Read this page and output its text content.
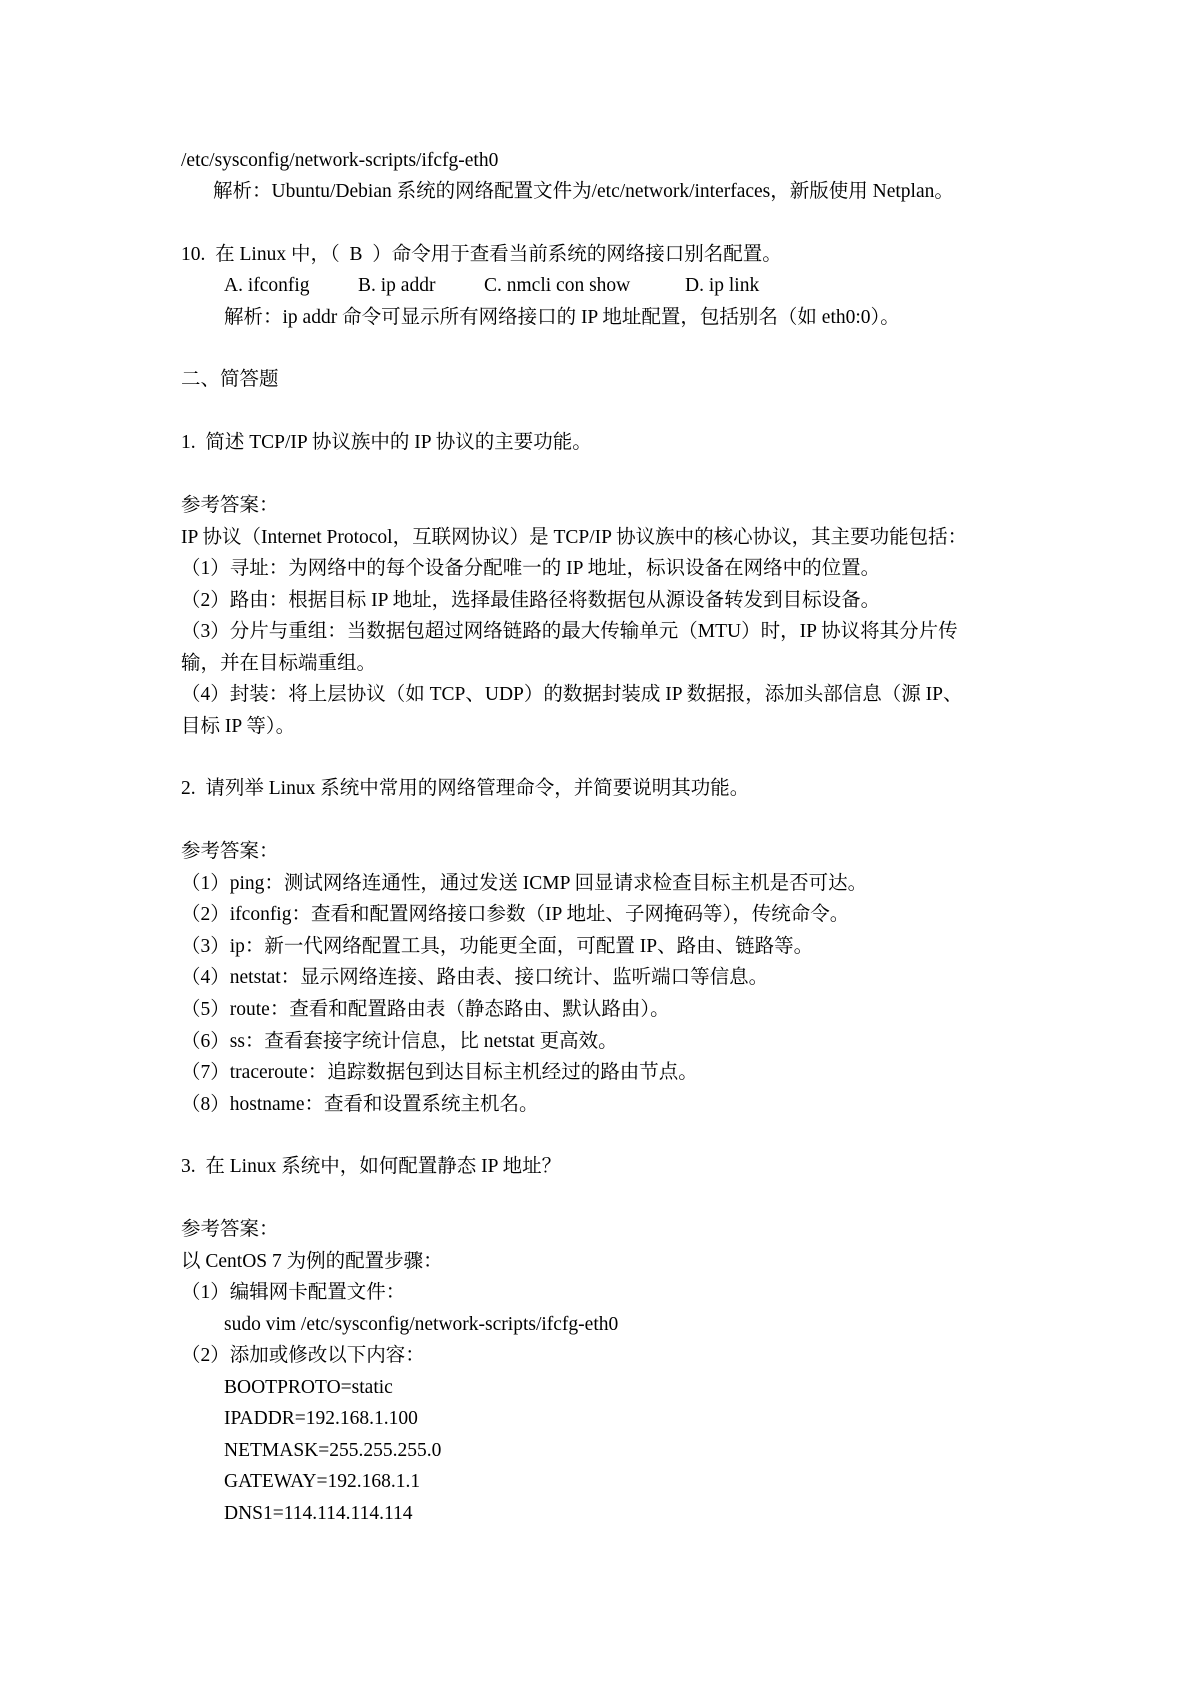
/etc/sysconfig/network-scripts/ifcfg-eth0
解析：Ubuntu/Debian 系统的网络配置文件为/etc/network/interfaces，新版使用 Netplan。
10.  在 Linux 中，（  B  ）命令用于查看当前系统的网络接口别名配置。

A. ifconfig

B. ip addr

C. nmcli con show

	D. ip link

解析：ip addr 命令可显示所有网络接口的 IP 地址配置，包括别名（如 eth0:0）。
二、简答题
1.  简述 TCP/IP 协议族中的 IP 协议的主要功能。
参考答案：
IP 协议（Internet Protocol，互联网协议）是 TCP/IP 协议族中的核心协议，其主要功能包括：
（1）寻址：为网络中的每个设备分配唯一的 IP 地址，标识设备在网络中的位置。
（2）路由：根据目标 IP 地址，选择最佳路径将数据包从源设备转发到目标设备。
（3）分片与重组：当数据包超过网络链路的最大传输单元（MTU）时，IP 协议将其分片传
输，并在目标端重组。
（4）封装：将上层协议（如 TCP、UDP）的数据封装成 IP 数据报，添加头部信息（源 IP、
目标 IP 等）。
2.  请列举 Linux 系统中常用的网络管理命令，并简要说明其功能。
参考答案：
（1）ping：测试网络连通性，通过发送 ICMP 回显请求检查目标主机是否可达。
（2）ifconfig：查看和配置网络接口参数（IP 地址、子网掩码等），传统命令。
（3）ip：新一代网络配置工具，功能更全面，可配置 IP、路由、链路等。
（4）netstat：显示网络连接、路由表、接口统计、监听端口等信息。
（5）route：查看和配置路由表（静态路由、默认路由）。
（6）ss：查看套接字统计信息，比 netstat 更高效。
（7）traceroute：追踪数据包到达目标主机经过的路由节点。
（8）hostname：查看和设置系统主机名。
3.  在 Linux 系统中，如何配置静态 IP 地址？
参考答案：
以 CentOS 7 为例的配置步骤：
（1）编辑网卡配置文件：
sudo vim /etc/sysconfig/network-scripts/ifcfg-eth0
（2）添加或修改以下内容：
BOOTPROTO=static
IPADDR=192.168.1.100
NETMASK=255.255.255.0
GATEWAY=192.168.1.1
DNS1=114.114.114.114
